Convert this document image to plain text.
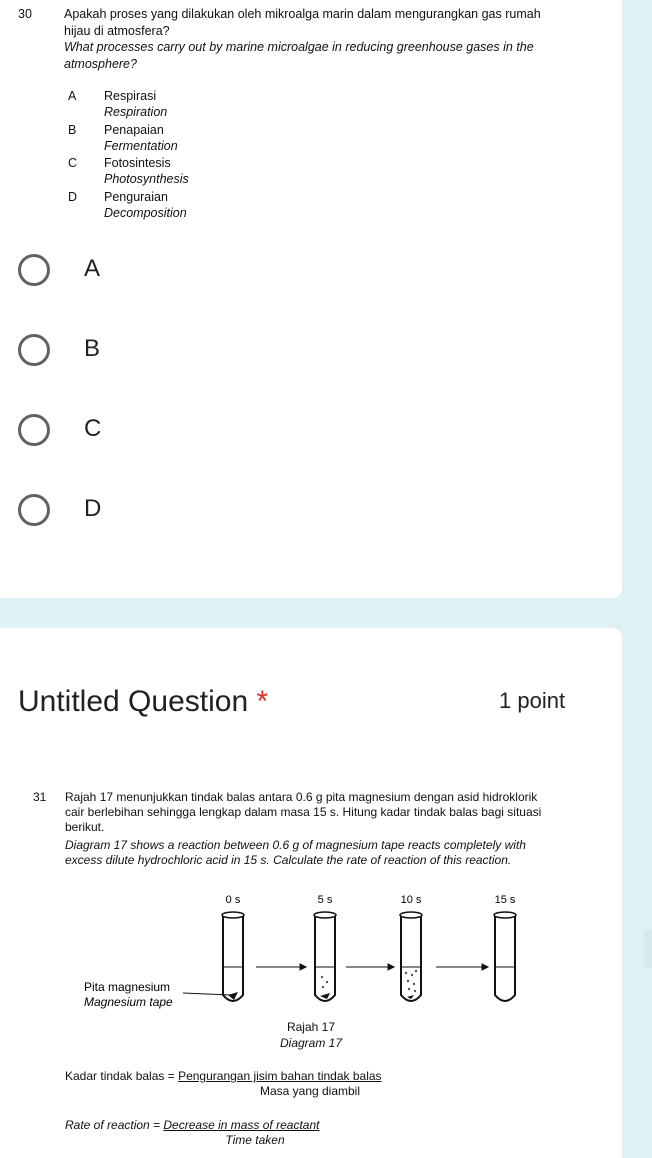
30	Apakah proses yang dilakukan oleh mikroalga marin dalam mengurangkan gas rumah hijau di atmosfera?
What processes carry out by marine microalgae in reducing greenhouse gases in the atmosphere?
A Respirasi
Respiration
B Penapaian
Fermentation
C Fotosintesis
Photosynthesis
D Penguraian
Decomposition
A
B
C
D
Untitled Question *	1 point
31 Rajah 17 menunjukkan tindak balas antara 0.6 g pita magnesium dengan asid hidroklorik cair berlebihan sehingga lengkap dalam masa 15 s. Hitung kadar tindak balas bagi situasi berikut.
Diagram 17 shows a reaction between 0.6 g of magnesium tape reacts completely with excess dilute hydrochloric acid in 15 s. Calculate the rate of reaction of this reaction.
0 s	5 s	10 s	15 s
Pita magnesium
Magnesium tape
Rajah 17
Diagram 17
Kadar tindak balas = Pengurangan jisim bahan tindak balas
Masa yang diambil
Rate of reaction = Decrease in mass of reactant
Time taken
